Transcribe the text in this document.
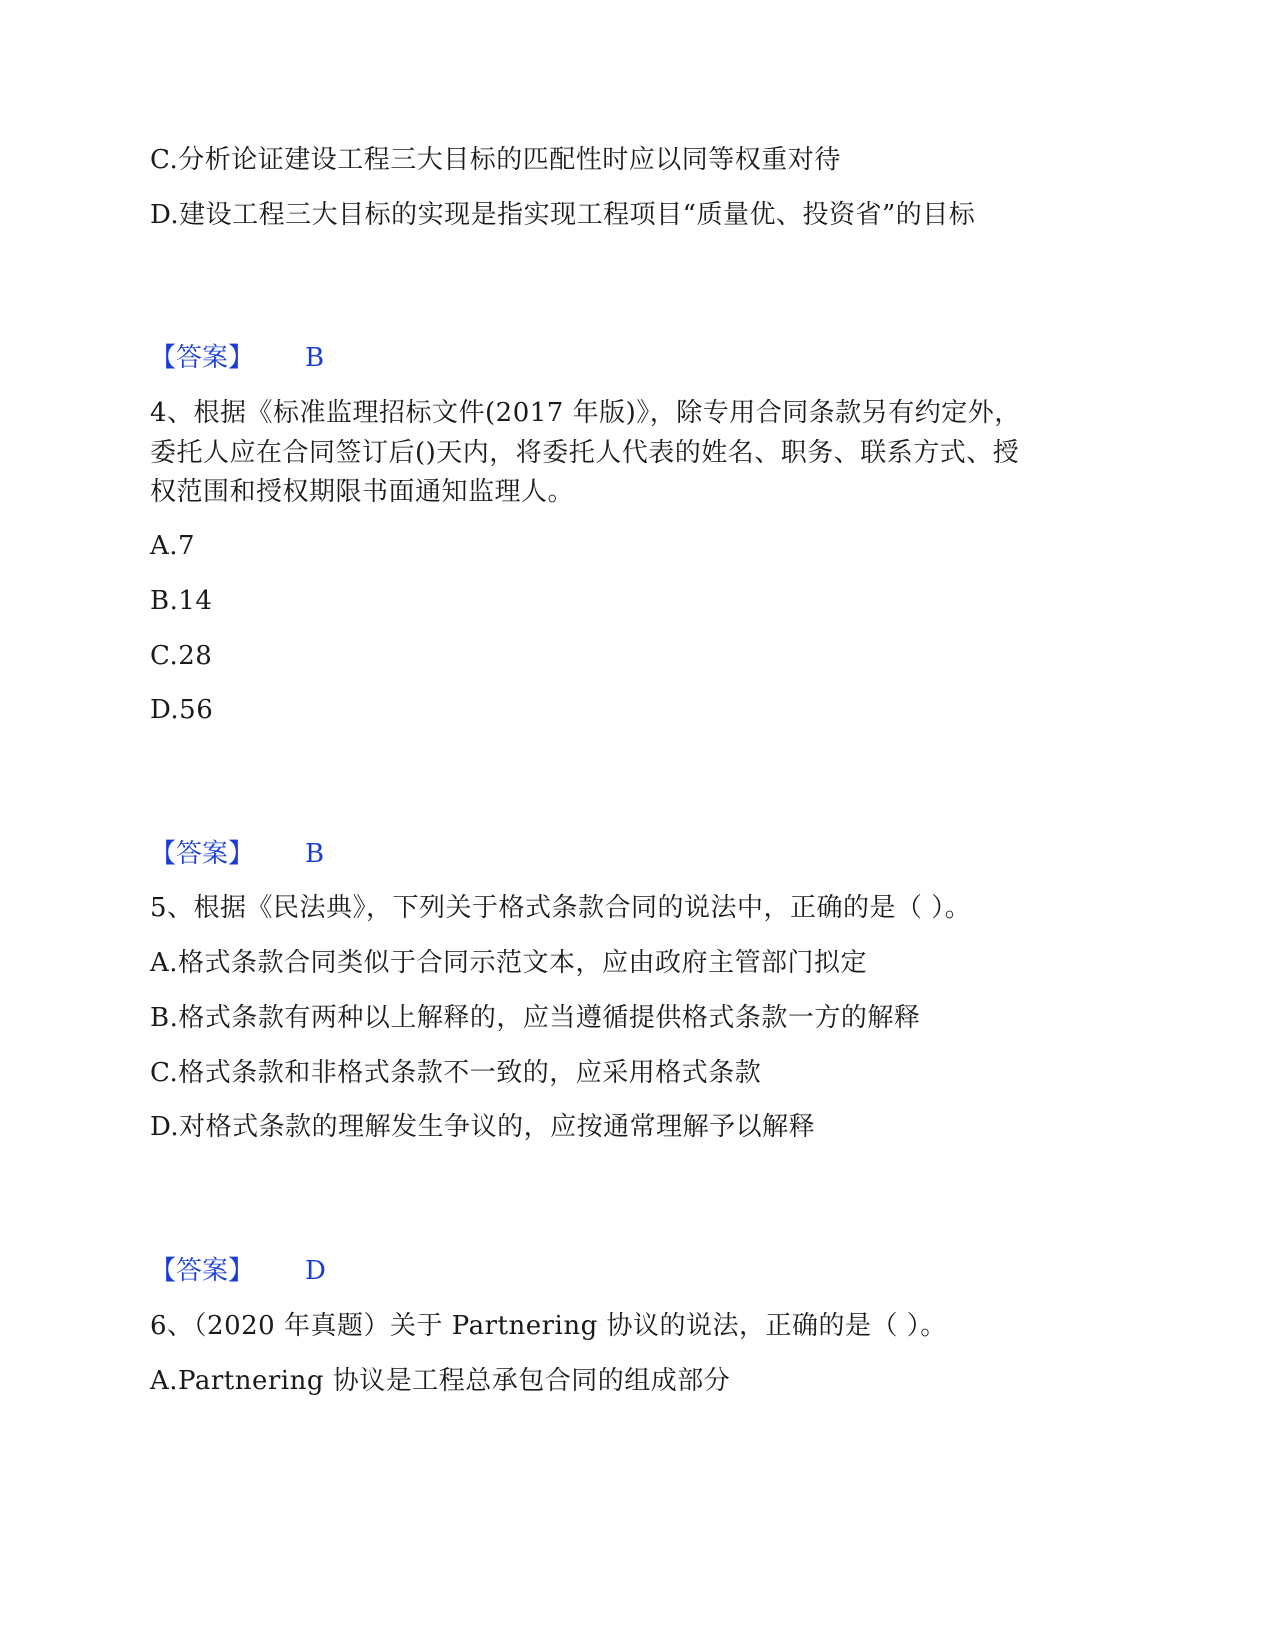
C.分析论证建设工程三大目标的匹配性时应以同等权重对待
D.建设工程三大目标的实现是指实现工程项目“质量优、投资省”的目标
【答案】 B
4、根据《标准监理招标文件(2017 年版)》，除专用合同条款另有约定外，
委托人应在合同签订后()天内，将委托人代表的姓名、职务、联系方式、授
权范围和授权期限书面通知监理人。
A.7
B.14
C.28
D.56
【答案】 B
5、根据《民法典》，下列关于格式条款合同的说法中，正确的是（ ）。
A.格式条款合同类似于合同示范文本，应由政府主管部门拟定
B.格式条款有两种以上解释的，应当遵循提供格式条款一方的解释
C.格式条款和非格式条款不一致的，应采用格式条款
D.对格式条款的理解发生争议的，应按通常理解予以解释
【答案】 D
6、（2020 年真题）关于 Partnering 协议的说法，正确的是（ ）。
A.Partnering 协议是工程总承包合同的组成部分
